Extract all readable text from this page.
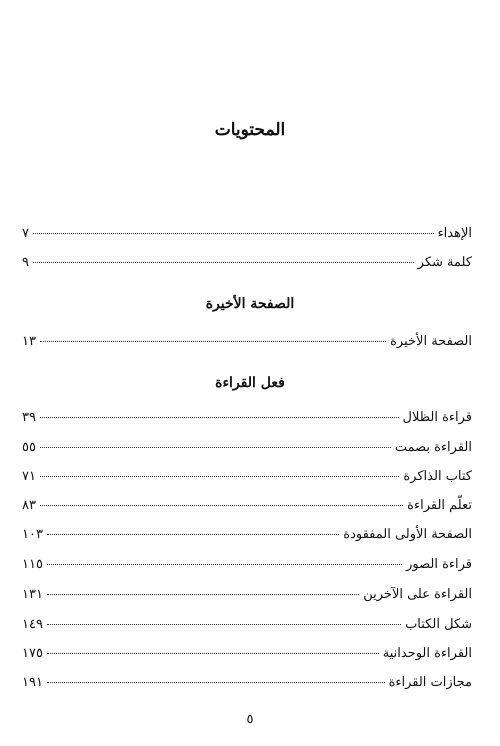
المحتويات
الإهداء
٧
كلمة شكر
٩
الصفحة الأخيرة
الصفحة الأخيرة
١٣
فعل القراءة
قراءة الظلال
٣٩
القراءة بصمت
٥٥
كتاب الذاكرة
٧١
تعلّم القراءة
٨٣
الصفحة الأولى المفقودة
١٠٣
قراءة الصور
١١٥
القراءة على الآخرين
١٣١
شكل الكتاب
١٤٩
القراءة الوحدانية
١٧٥
مجازات القراءة
١٩١
٥
